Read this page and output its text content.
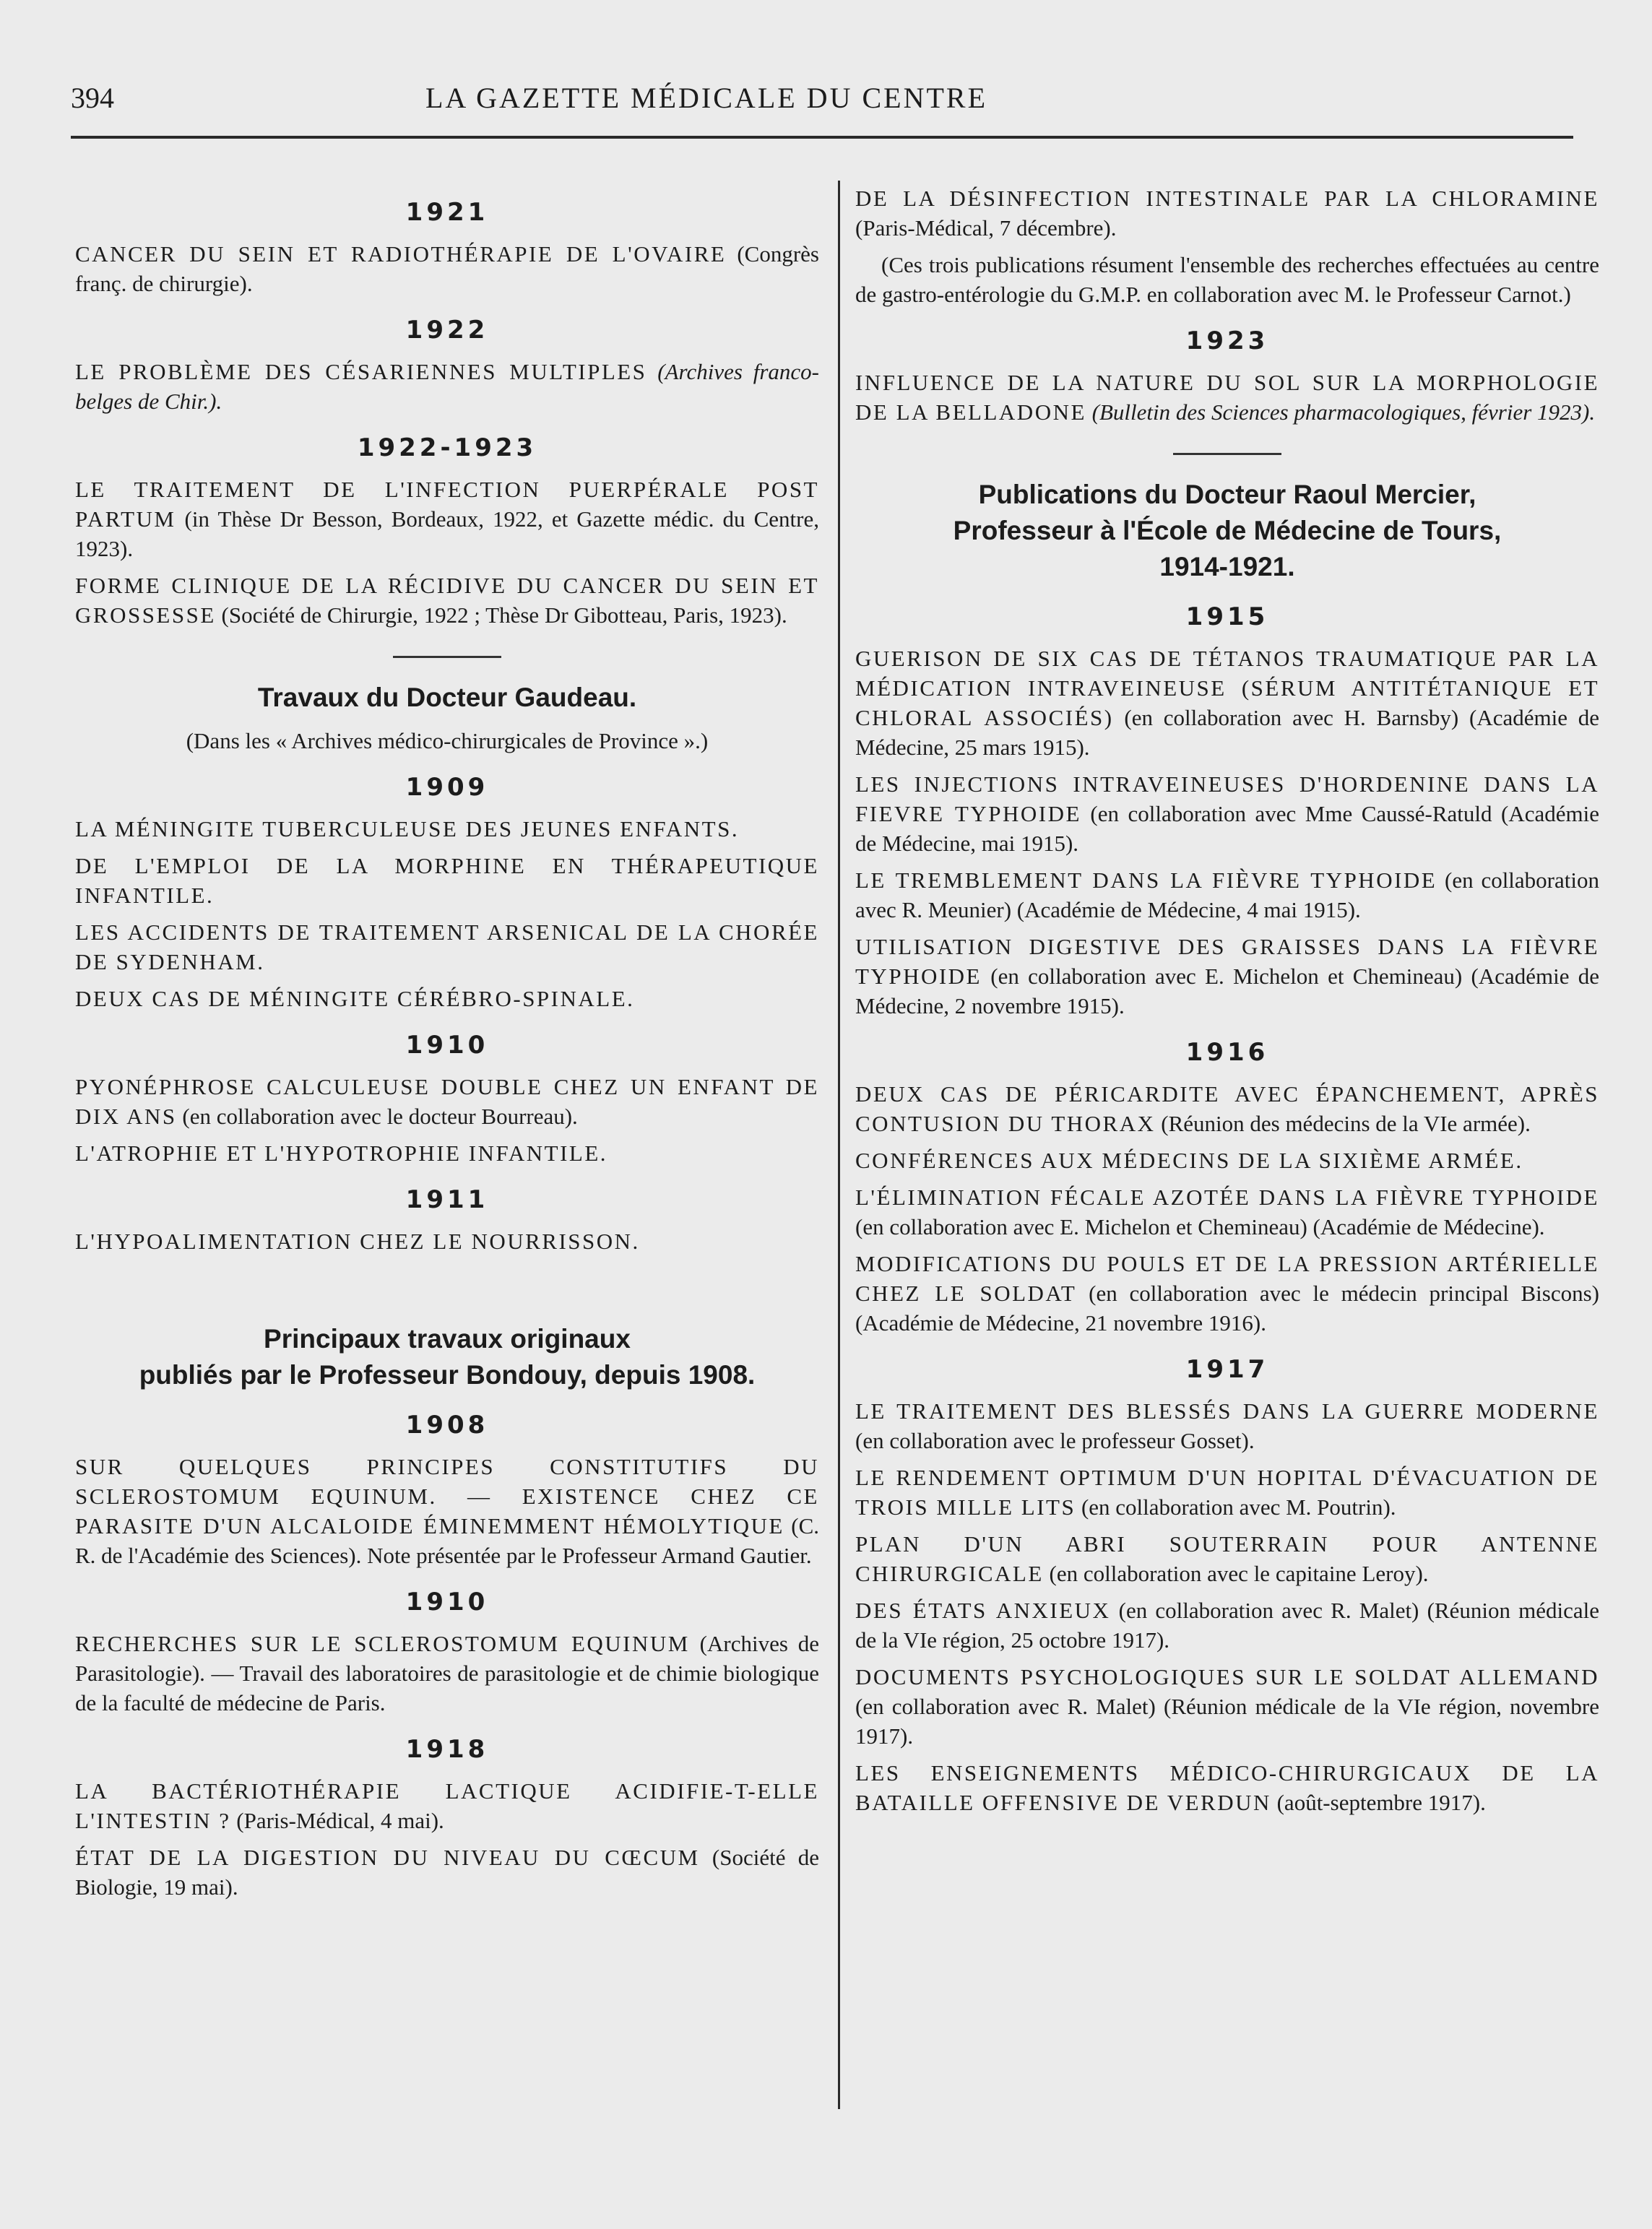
394	LA GAZETTE MÉDICALE DU CENTRE
1921

CANCER DU SEIN ET RADIOTHÉRAPIE DE L'OVAIRE (Congrès franç. de chirurgie).

1922

LE PROBLÈME DES CÉSARIENNES MULTIPLES (Archives franco-belges de Chir.).

1922-1923

LE TRAITEMENT DE L'INFECTION PUERPÉRALE POST PARTUM (in Thèse Dr Besson, Bordeaux, 1922, et Gazette médic. du Centre, 1923).

FORME CLINIQUE DE LA RÉCIDIVE DU CANCER DU SEIN ET GROSSESSE (Société de Chirurgie, 1922 ; Thèse Dr Gibotteau, Paris, 1923).

Travaux du Docteur Gaudeau.
(Dans les « Archives médico-chirurgicales de Province ».)
1909

LA MÉNINGITE TUBERCULEUSE DES JEUNES ENFANTS.

DE L'EMPLOI DE LA MORPHINE EN THÉRAPEUTIQUE INFANTILE.

LES ACCIDENTS DE TRAITEMENT ARSENICAL DE LA CHORÉE DE SYDENHAM.

DEUX CAS DE MÉNINGITE CÉRÉBRO-SPINALE.

1910

PYONÉPHROSE CALCULEUSE DOUBLE CHEZ UN ENFANT DE DIX ANS (en collaboration avec le docteur Bourreau).

L'ATROPHIE ET L'HYPOTROPHIE INFANTILE.

1911

L'HYPOALIMENTATION CHEZ LE NOURRISSON.

Principaux travaux originaux
publiés par le Professeur Bondouy, depuis 1908.
1908

SUR QUELQUES PRINCIPES CONSTITUTIFS DU SCLEROSTOMUM EQUINUM. — EXISTENCE CHEZ CE PARASITE D'UN ALCALOIDE ÉMINEMMENT HÉMOLYTIQUE (C. R. de l'Académie des Sciences). Note présentée par le Professeur Armand Gautier.

1910

RECHERCHES SUR LE SCLEROSTOMUM EQUINUM (Archives de Parasitologie). — Travail des laboratoires de parasitologie et de chimie biologique de la faculté de médecine de Paris.

1918

LA BACTÉRIOTHÉRAPIE LACTIQUE ACIDIFIE-T-ELLE L'INTESTIN ? (Paris-Médical, 4 mai).

ÉTAT DE LA DIGESTION DU NIVEAU DU CŒCUM (Société de Biologie, 19 mai).

DE LA DÉSINFECTION INTESTINALE PAR LA CHLORAMINE (Paris-Médical, 7 décembre).

(Ces trois publications résument l'ensemble des recherches effectuées au centre de gastro-entérologie du G.M.P. en collaboration avec M. le Professeur Carnot.)

1923

INFLUENCE DE LA NATURE DU SOL SUR LA MORPHOLOGIE DE LA BELLADONE (Bulletin des Sciences pharmacologiques, février 1923).

Publications du Docteur Raoul Mercier,
Professeur à l'École de Médecine de Tours,
1914-1921.
1915

GUERISON DE SIX CAS DE TÉTANOS TRAUMATIQUE PAR LA MÉDICATION INTRAVEINEUSE (SÉRUM ANTITÉTANIQUE ET CHLORAL ASSOCIÉS) (en collaboration avec H. Barnsby) (Académie de Médecine, 25 mars 1915).

LES INJECTIONS INTRAVEINEUSES D'HORDENINE DANS LA FIEVRE TYPHOIDE (en collaboration avec Mme Caussé-Ratuld (Académie de Médecine, mai 1915).

LE TREMBLEMENT DANS LA FIÈVRE TYPHOIDE (en collaboration avec R. Meunier) (Académie de Médecine, 4 mai 1915).

UTILISATION DIGESTIVE DES GRAISSES DANS LA FIÈVRE TYPHOIDE (en collaboration avec E. Michelon et Chemineau) (Académie de Médecine, 2 novembre 1915).

1916

DEUX CAS DE PÉRICARDITE AVEC ÉPANCHEMENT, APRÈS CONTUSION DU THORAX (Réunion des médecins de la VIe armée).

CONFÉRENCES AUX MÉDECINS DE LA SIXIÈME ARMÉE.

L'ÉLIMINATION FÉCALE AZOTÉE DANS LA FIÈVRE TYPHOIDE (en collaboration avec E. Michelon et Chemineau) (Académie de Médecine).

MODIFICATIONS DU POULS ET DE LA PRESSION ARTÉRIELLE CHEZ LE SOLDAT (en collaboration avec le médecin principal Biscons) (Académie de Médecine, 21 novembre 1916).

1917

LE TRAITEMENT DES BLESSÉS DANS LA GUERRE MODERNE (en collaboration avec le professeur Gosset).

LE RENDEMENT OPTIMUM D'UN HOPITAL D'ÉVACUATION DE TROIS MILLE LITS (en collaboration avec M. Poutrin).

PLAN D'UN ABRI SOUTERRAIN POUR ANTENNE CHIRURGICALE (en collaboration avec le capitaine Leroy).

DES ÉTATS ANXIEUX (en collaboration avec R. Malet) (Réunion médicale de la VIe région, 25 octobre 1917).

DOCUMENTS PSYCHOLOGIQUES SUR LE SOLDAT ALLEMAND (en collaboration avec R. Malet) (Réunion médicale de la VIe région, novembre 1917).

LES ENSEIGNEMENTS MÉDICO-CHIRURGICAUX DE LA BATAILLE OFFENSIVE DE VERDUN (août-septembre 1917).
